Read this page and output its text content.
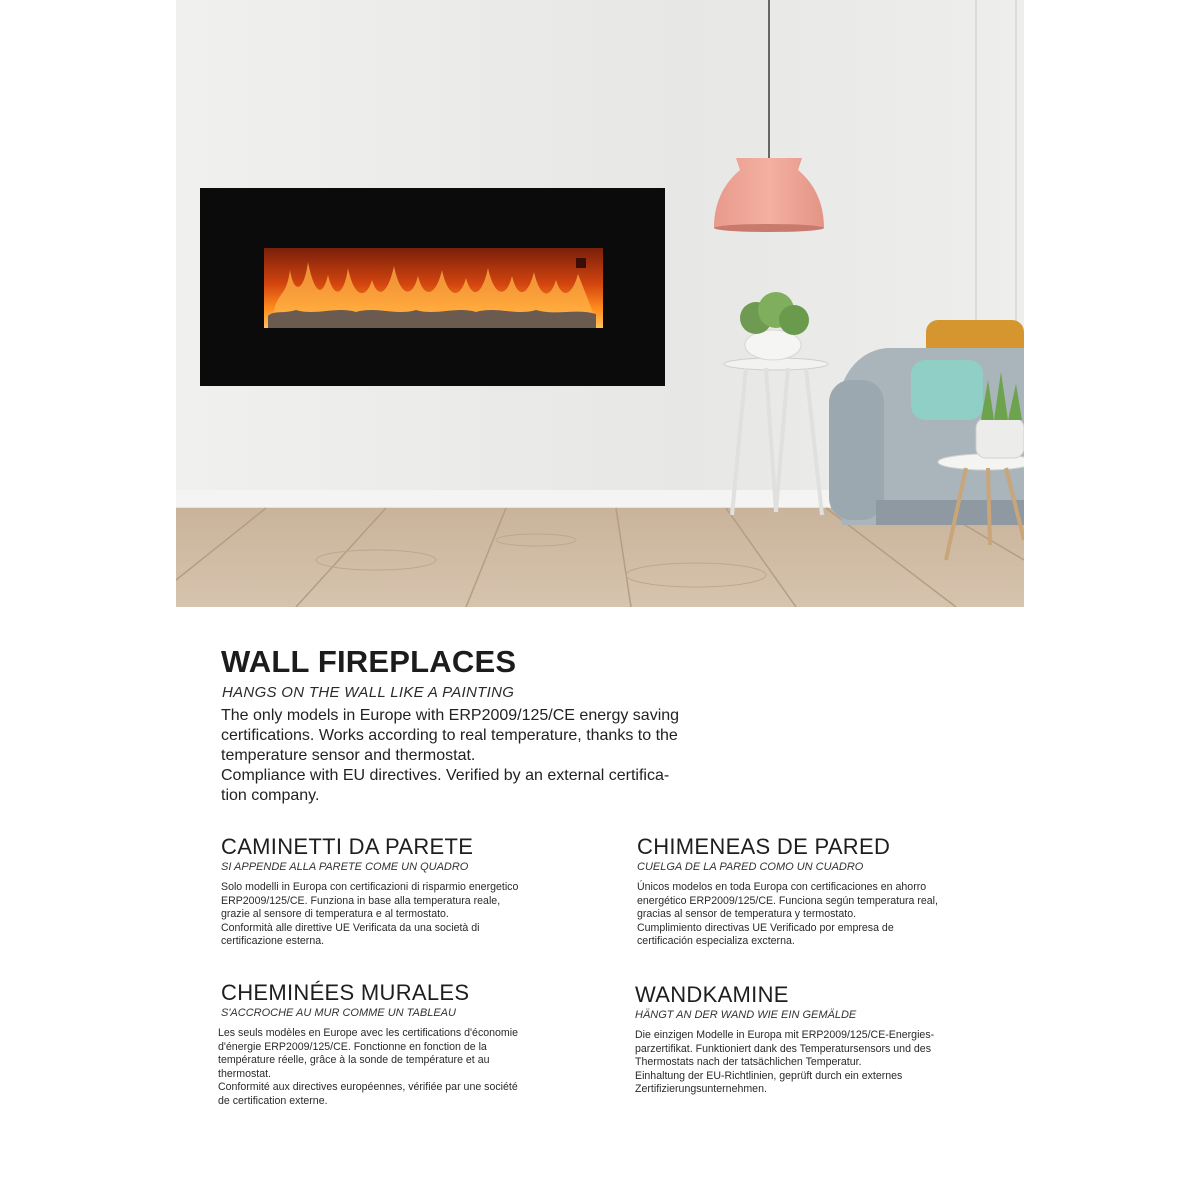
WALL FIREPLACES

HANGS ON THE WALL LIKE A PAINTING

The only models in Europe with ERP2009/125/CE energy saving
certifications. Works according to real temperature, thanks to the
temperature sensor and thermostat.
Compliance with EU directives. Verified by an external certifica-
tion company.
CAMINETTI DA PARETE
SI APPENDE ALLA PARETE COME UN QUADRO
Solo modelli in Europa con certificazioni di risparmio energetico
ERP2009/125/CE. Funziona in base alla temperatura reale,
grazie al sensore di temperatura e al termostato.
Conformità alle direttive UE Verificata da una società di
certificazione esterna.
CHIMENEAS DE PARED
CUELGA DE LA PARED COMO UN CUADRO
Únicos modelos en toda Europa con certificaciones en ahorro
energético ERP2009/125/CE. Funciona según temperatura real,
gracias al sensor de temperatura y termostato.
Cumplimiento directivas UE Verificado por empresa de
certificación especializa excterna.
CHEMINÉES MURALES
S'ACCROCHE AU MUR COMME UN TABLEAU
Les seuls modèles en Europe avec les certifications d'économie
d'énergie ERP2009/125/CE. Fonctionne en fonction de la
température réelle, grâce à la sonde de température et au
thermostat.
Conformité aux directives européennes, vérifiée par une société
de certification externe.
WANDKAMINE
HÄNGT AN DER WAND WIE EIN GEMÄLDE
Die einzigen Modelle in Europa mit ERP2009/125/CE-Energies-
parzertifikat. Funktioniert dank des Temperatursensors und des
Thermostats nach der tatsächlichen Temperatur.
Einhaltung der EU-Richtlinien, geprüft durch ein externes
Zertifizierungsunternehmen.
